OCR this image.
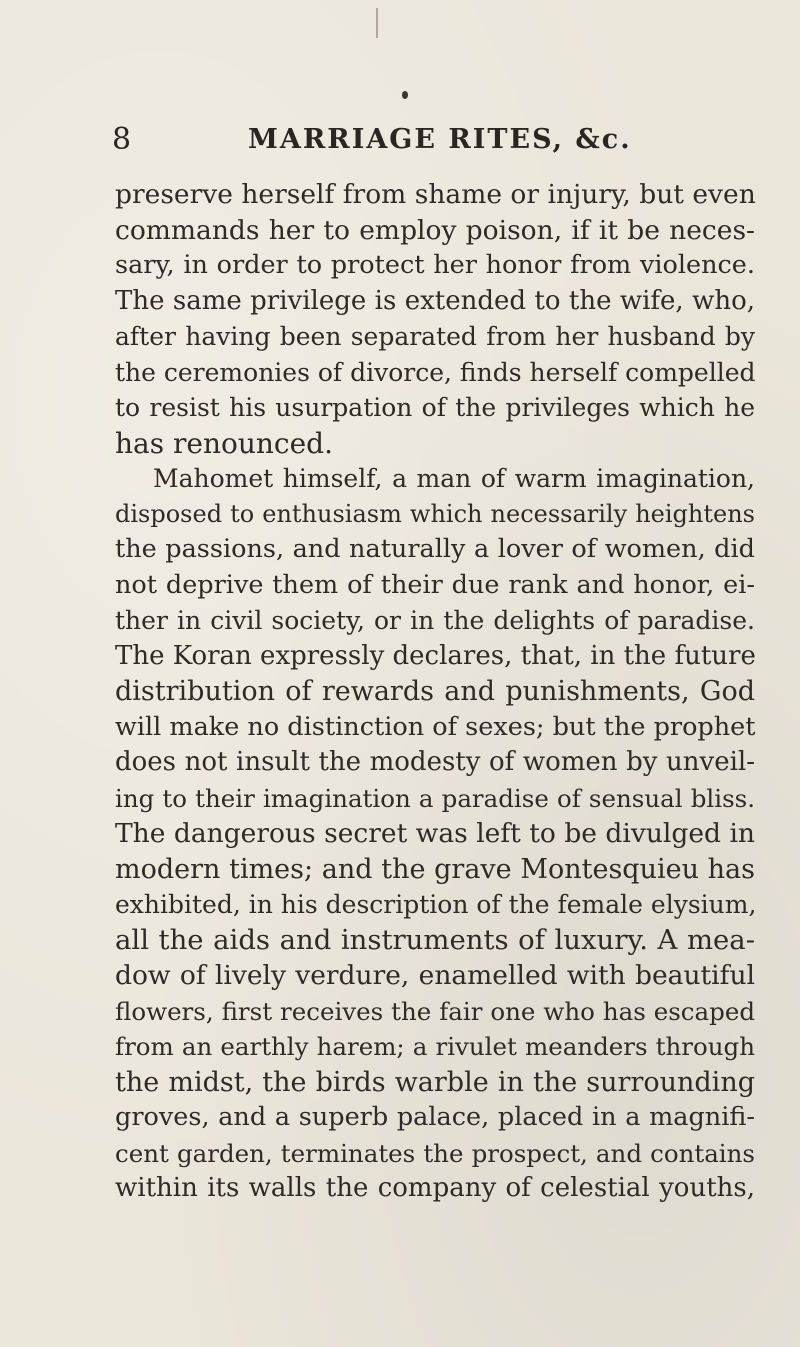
8	MARRIAGE RITES, &c.
preserve herself from shame or injury, but even
commands her to employ poison, if it be neces-
sary, in order to protect her honor from violence.
The same privilege is extended to the wife, who,
after having been separated from her husband by
the ceremonies of divorce, finds herself compelled
to resist his usurpation of the privileges which he
has renounced.
Mahomet himself, a man of warm imagination,
disposed to enthusiasm which necessarily heightens
the passions, and naturally a lover of women, did
not deprive them of their due rank and honor, ei-
ther in civil society, or in the delights of paradise.
The Koran expressly declares, that, in the future
distribution of rewards and punishments, God
will make no distinction of sexes; but the prophet
does not insult the modesty of women by unveil-
ing to their imagination a paradise of sensual bliss.
The dangerous secret was left to be divulged in
modern times; and the grave Montesquieu has
exhibited, in his description of the female elysium,
all the aids and instruments of luxury. A mea-
dow of lively verdure, enamelled with beautiful
flowers, first receives the fair one who has escaped
from an earthly harem; a rivulet meanders through
the midst, the birds warble in the surrounding
groves, and a superb palace, placed in a magnifi-
cent garden, terminates the prospect, and contains
within its walls the company of celestial youths,
